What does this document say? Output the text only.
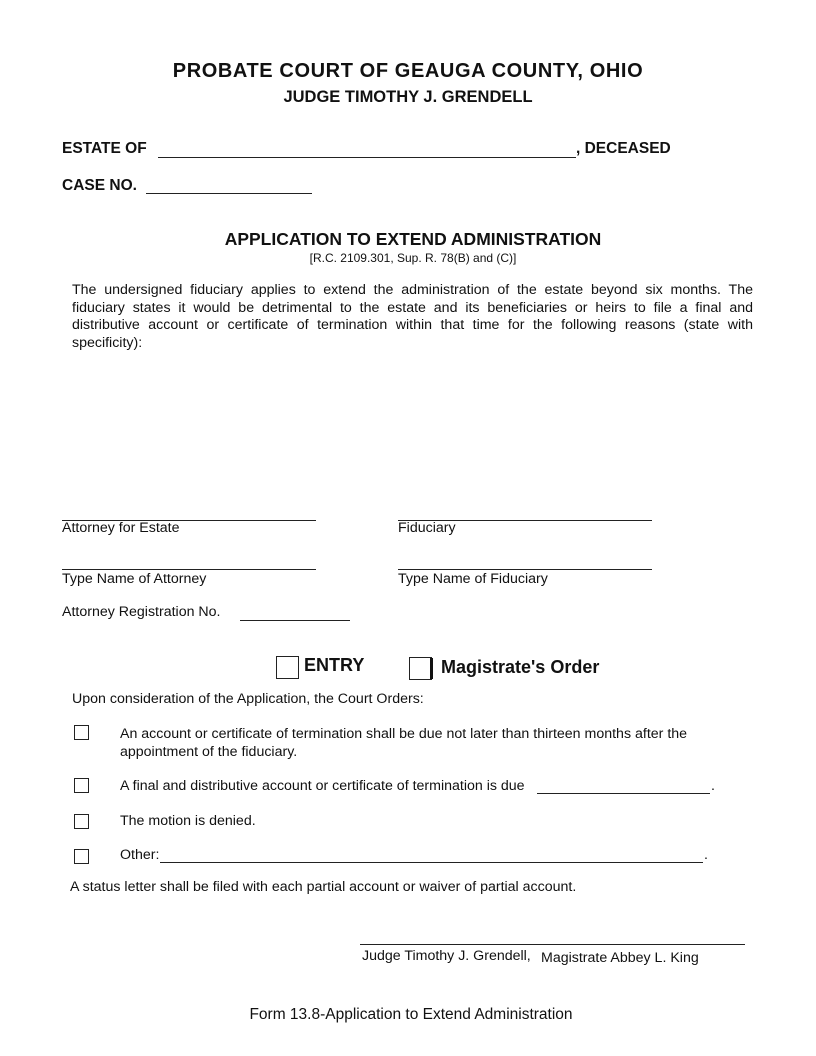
PROBATE COURT OF GEAUGA COUNTY, OHIO
JUDGE TIMOTHY J. GRENDELL
ESTATE OF	, DECEASED
CASE NO.
APPLICATION TO EXTEND ADMINISTRATION
[R.C. 2109.301, Sup. R. 78(B) and (C)]
The undersigned fiduciary applies to extend the administration of the estate beyond six months. The fiduciary states it would be detrimental to the estate and its beneficiaries or heirs to file a final and distributive account or certificate of termination within that time for the following reasons (state with specificity):
Attorney for Estate	Fiduciary
Type Name of Attorney	Type Name of Fiduciary
Attorney Registration No.
ENTRY	Magistrate's Order
Upon consideration of the Application, the Court Orders:
An account or certificate of termination shall be due not later than thirteen months after the appointment of the fiduciary.
A final and distributive account or certificate of termination is due	.
The motion is denied.
Other:	.
A status letter shall be filed with each partial account or waiver of partial account.
Judge Timothy J. Grendell, Magistrate Abbey L. King
Form 13.8-Application to Extend Administration
